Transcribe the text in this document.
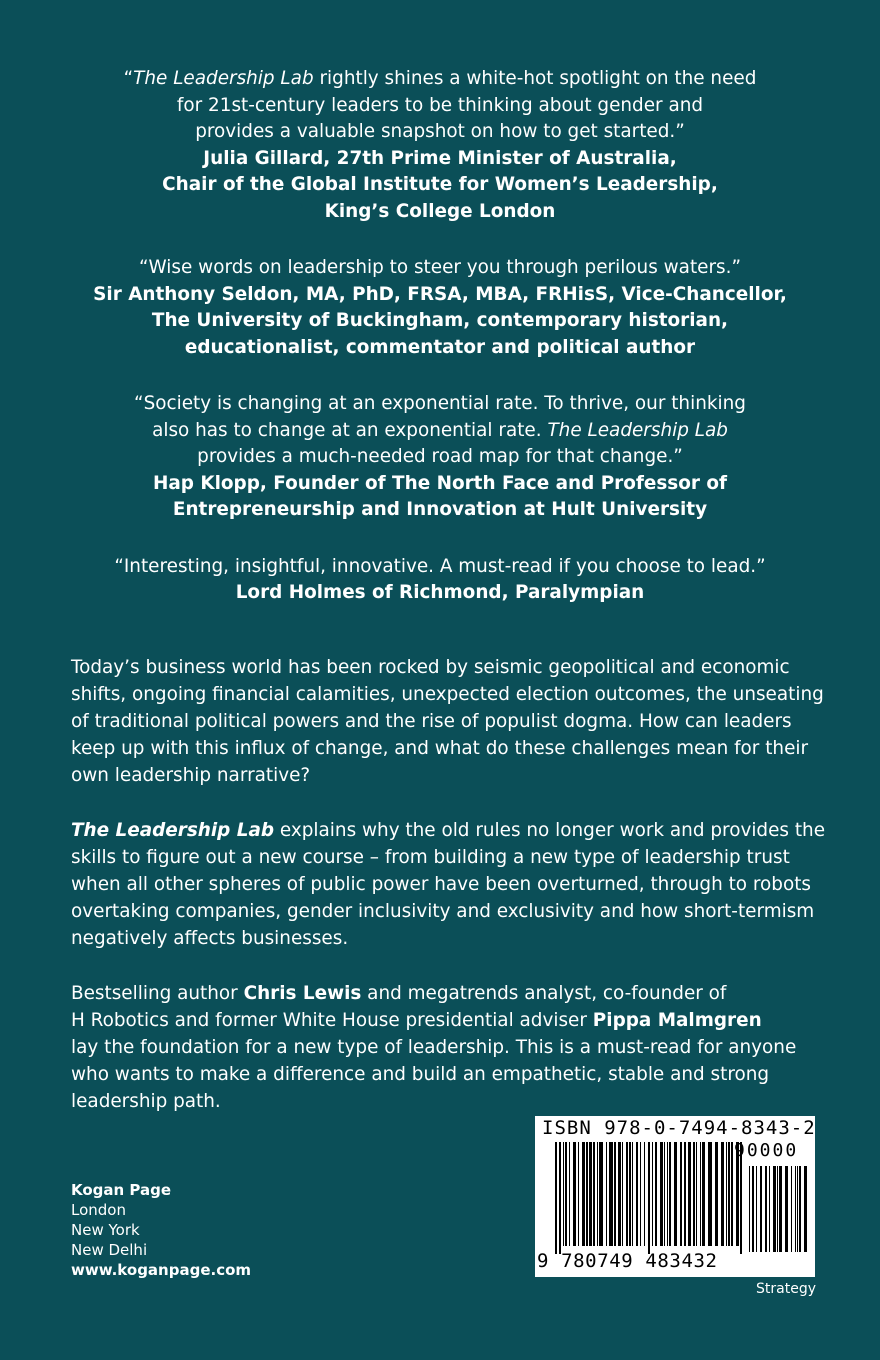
“The Leadership Lab rightly shines a white-hot spotlight on the need
for 21st-century leaders to be thinking about gender and
provides a valuable snapshot on how to get started.”
Julia Gillard, 27th Prime Minister of Australia,
Chair of the Global Institute for Women’s Leadership,
King’s College London
“Wise words on leadership to steer you through perilous waters.”
Sir Anthony Seldon, MA, PhD, FRSA, MBA, FRHisS, Vice-Chancellor,
The University of Buckingham, contemporary historian,
educationalist, commentator and political author
“Society is changing at an exponential rate. To thrive, our thinking
also has to change at an exponential rate. The Leadership Lab
provides a much-needed road map for that change.”
Hap Klopp, Founder of The North Face and Professor of
Entrepreneurship and Innovation at Hult University
“Interesting, insightful, innovative. A must-read if you choose to lead.”
Lord Holmes of Richmond, Paralympian
Today’s business world has been rocked by seismic geopolitical and economic
shifts, ongoing financial calamities, unexpected election outcomes, the unseating
of traditional political powers and the rise of populist dogma. How can leaders
keep up with this influx of change, and what do these challenges mean for their
own leadership narrative?
The Leadership Lab explains why the old rules no longer work and provides the
skills to figure out a new course – from building a new type of leadership trust
when all other spheres of public power have been overturned, through to robots
overtaking companies, gender inclusivity and exclusivity and how short-termism
negatively affects businesses.
Bestselling author Chris Lewis and megatrends analyst, co-founder of
H Robotics and former White House presidential adviser Pippa Malmgren
lay the foundation for a new type of leadership. This is a must-read for anyone
who wants to make a difference and build an empathetic, stable and strong
leadership path.
Kogan Page
London
New York
New Delhi
www.koganpage.com
ISBN 978-0-7494-8343-2
90000
9 780749 483432
Strategy
